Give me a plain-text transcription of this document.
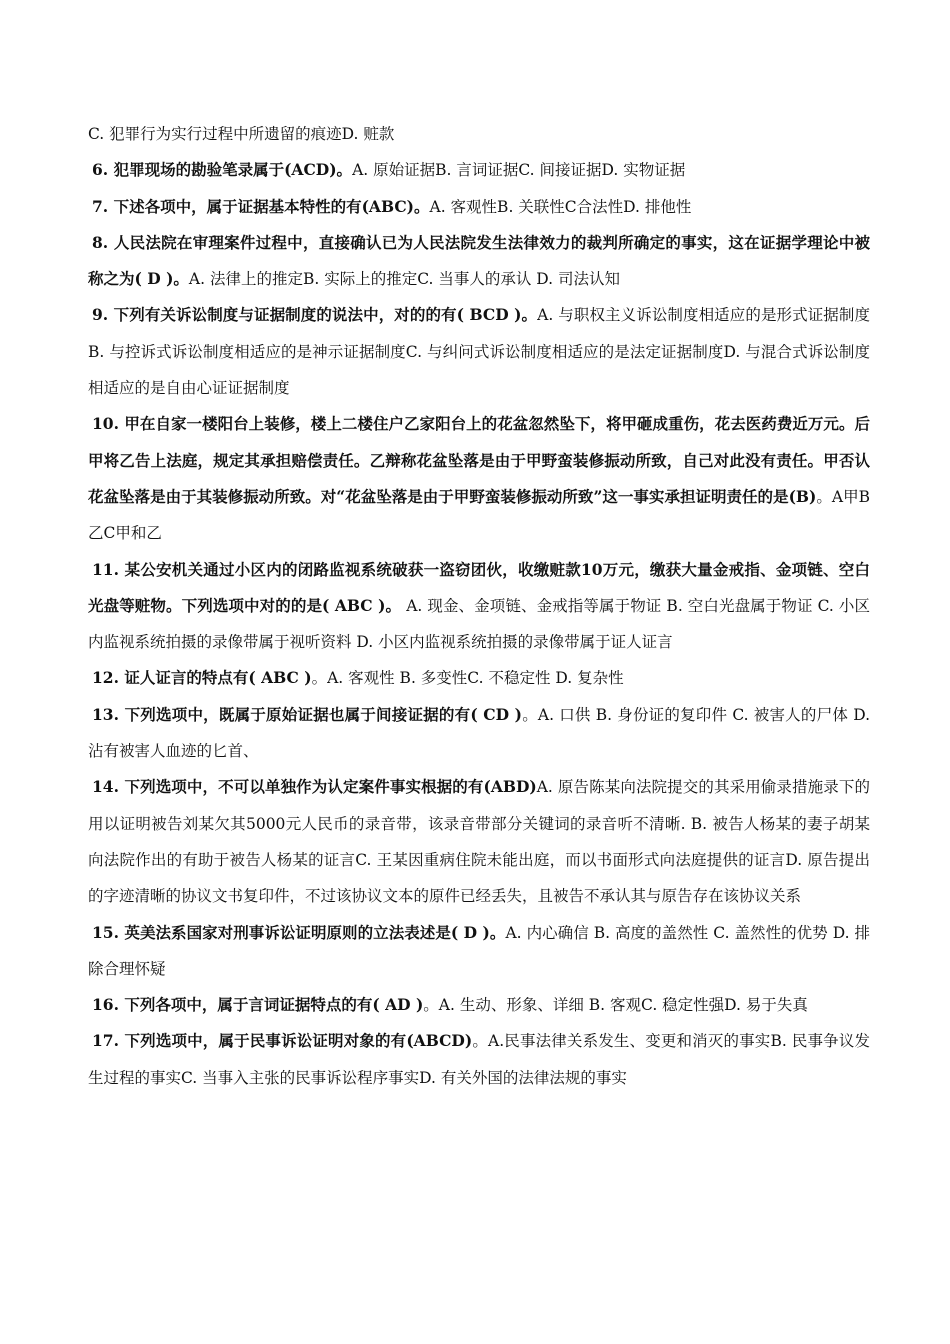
C. 犯罪行为实行过程中所遗留的痕迹D. 赃款

6. 犯罪现场的勘验笔录属于(ACD)。A. 原始证据B. 言词证据C. 间接证据D. 实物证据

7. 下述各项中，属于证据基本特性的有(ABC)。A. 客观性B. 关联性C合法性D. 排他性

8. 人民法院在审理案件过程中，直接确认已为人民法院发生法律效力的裁判所确定的事实，这在证据学理论中被称之为( D )。A. 法律上的推定B. 实际上的推定C. 当事人的承认 D. 司法认知

9. 下列有关诉讼制度与证据制度的说法中，对的的有( BCD )。A. 与职权主义诉讼制度相适应的是形式证据制度B. 与控诉式诉讼制度相适应的是神示证据制度C. 与纠问式诉讼制度相适应的是法定证据制度D. 与混合式诉讼制度相适应的是自由心证证据制度

10. 甲在自家一楼阳台上装修，楼上二楼住户乙家阳台上的花盆忽然坠下，将甲砸成重伤，花去医药费近万元。后甲将乙告上法庭，规定其承担赔偿责任。乙辩称花盆坠落是由于甲野蛮装修振动所致，自己对此没有责任。甲否认花盆坠落是由于其装修振动所致。对“花盆坠落是由于甲野蛮装修振动所致”这一事实承担证明责任的是(B)。A甲B乙C甲和乙

11. 某公安机关通过小区内的闭路监视系统破获一盗窃团伙，收缴赃款10万元，缴获大量金戒指、金项链、空白光盘等赃物。下列选项中对的的是( ABC )。 A. 现金、金项链、金戒指等属于物证 B. 空白光盘属于物证 C. 小区内监视系统拍摄的录像带属于视听资料 D. 小区内监视系统拍摄的录像带属于证人证言

12. 证人证言的特点有( ABC )。A. 客观性 B. 多变性C. 不稳定性 D. 复杂性

13. 下列选项中，既属于原始证据也属于间接证据的有( CD )。A. 口供 B. 身份证的复印件 C. 被害人的尸体 D. 沾有被害人血迹的匕首、

14. 下列选项中，不可以单独作为认定案件事实根据的有(ABD)A. 原告陈某向法院提交的其采用偷录措施录下的用以证明被告刘某欠其5000元人民币的录音带，该录音带部分关键词的录音听不清晰. B. 被告人杨某的妻子胡某向法院作出的有助于被告人杨某的证言C. 王某因重病住院未能出庭，而以书面形式向法庭提供的证言D. 原告提出的字迹清晰的协议文书复印件，不过该协议文本的原件已经丢失，且被告不承认其与原告存在该协议关系

15. 英美法系国家对刑事诉讼证明原则的立法表述是( D )。A. 内心确信 B. 高度的盖然性 C. 盖然性的优势 D. 排除合理怀疑

16. 下列各项中，属于言词证据特点的有( AD )。A. 生动、形象、详细 B. 客观C. 稳定性强D. 易于失真

17. 下列选项中，属于民事诉讼证明对象的有(ABCD)。A.民事法律关系发生、变更和消灭的事实B. 民事争议发生过程的事实C. 当事入主张的民事诉讼程序事实D. 有关外国的法律法规的事实
